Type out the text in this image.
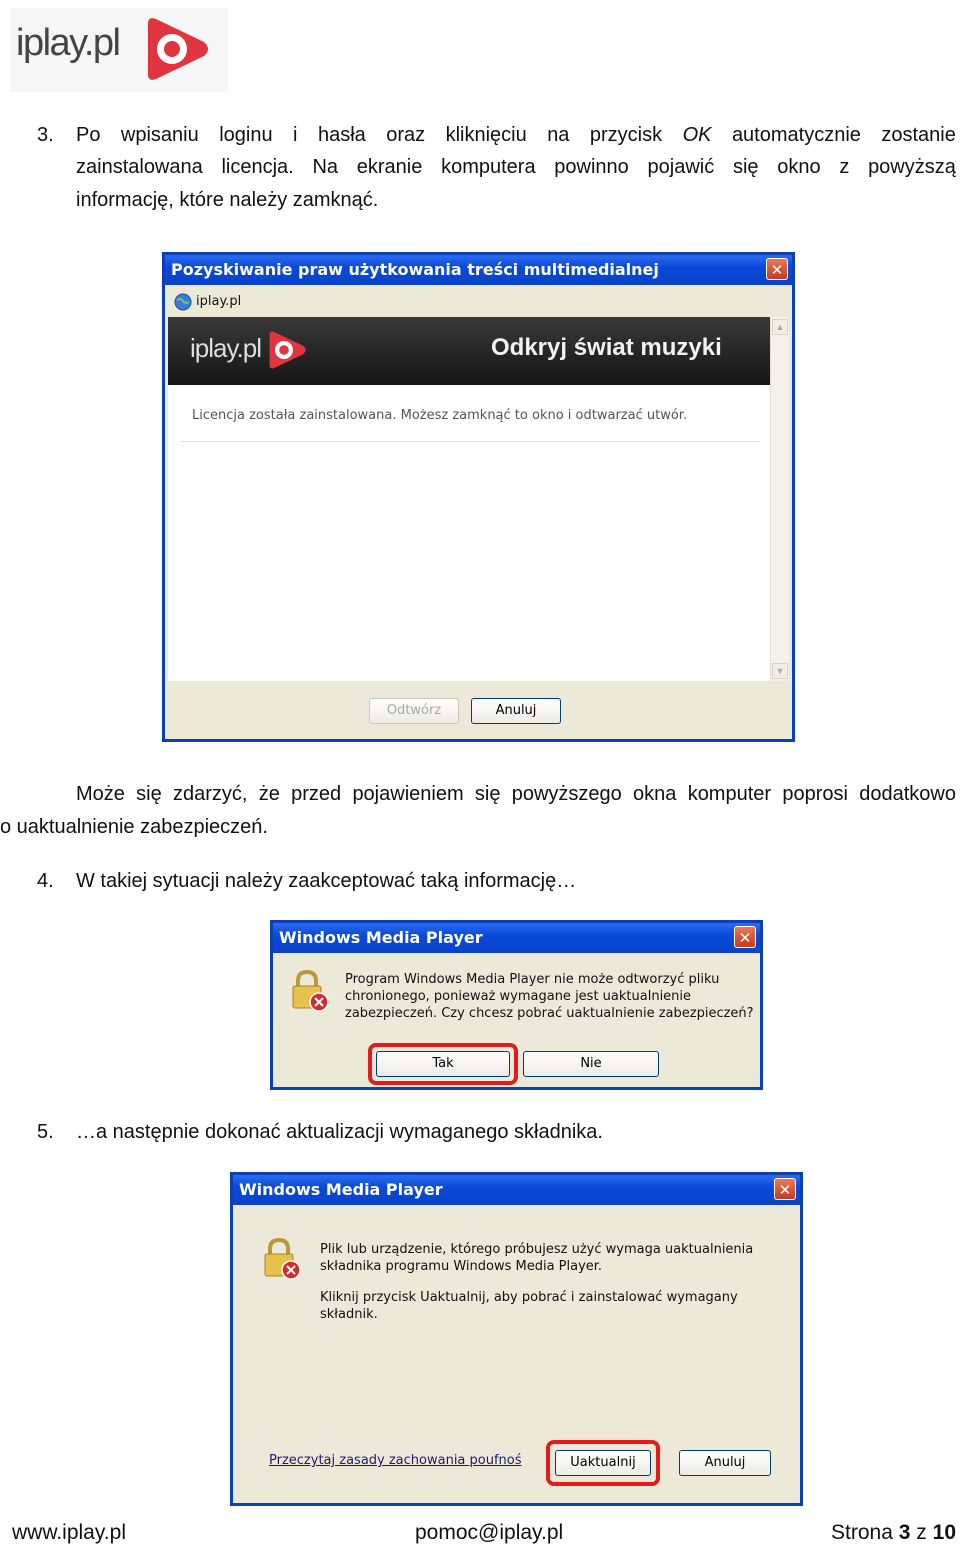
iplay.pl
3. Po wpisaniu loginu i hasła oraz kliknięciu na przycisk OK automatycznie zostanie
zainstalowana licencja. Na ekranie komputera powinno pojawić się okno z powyższą
informację, które należy zamknąć.
Pozyskiwanie praw użytkowania treści multimedialnej	✕
iplay.pl
iplay.pl	Odkryj świat muzyki
Licencja została zainstalowana. Możesz zamknąć to okno i odtwarzać utwór.
▲
▼
Odtwórz	Anuluj
Może się zdarzyć, że przed pojawieniem się powyższego okna komputer poprosi dodatkowo
o uaktualnienie zabezpieczeń.
4. W takiej sytuacji należy zaakceptować taką informację…
Windows Media Player	✕
Program Windows Media Player nie może odtworzyć pliku
chronionego, ponieważ wymagane jest uaktualnienie
zabezpieczeń. Czy chcesz pobrać uaktualnienie zabezpieczeń?
Tak	Nie
5. …a następnie dokonać aktualizacji wymaganego składnika.
Windows Media Player	✕
Plik lub urządzenie, którego próbujesz użyć wymaga uaktualnienia
składnika programu Windows Media Player.
Kliknij przycisk Uaktualnij, aby pobrać i zainstalować wymagany
składnik.
Przeczytaj zasady zachowania poufnoś	Uaktualnij	Anuluj
www.iplay.pl	pomoc@iplay.pl	Strona 3 z 10
